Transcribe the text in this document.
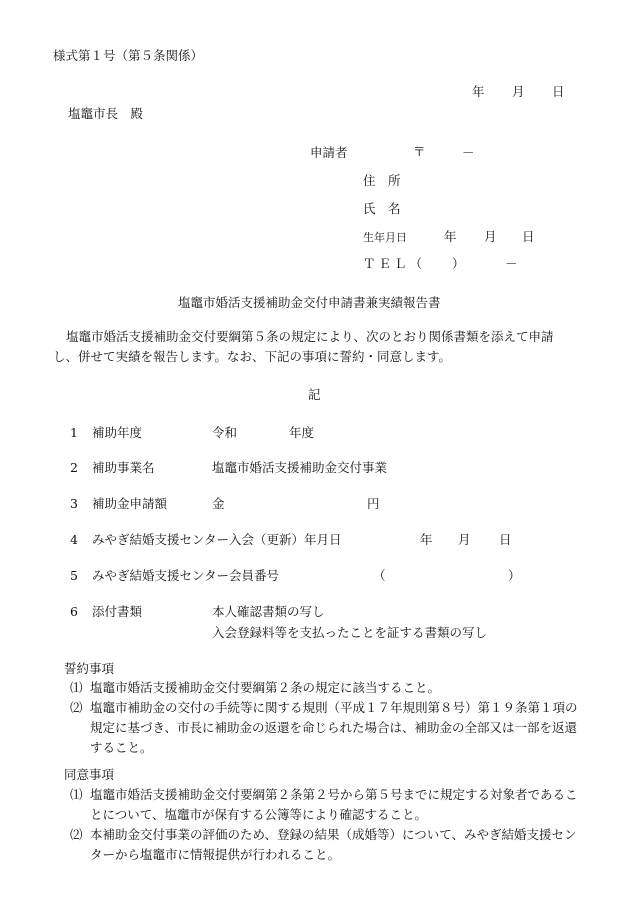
様式第１号（第５条関係）
年 月 日
塩竈市長　殿
申請者	〒	－
住　所
氏　名
生年月日	年 月 日
ＴＥＬ（ ）	－
塩竈市婚活支援補助金交付申請書兼実績報告書
塩竈市婚活支援補助金交付要綱第５条の規定により、次のとおり関係書類を添えて申請し、併せて実績を報告します。なお、下記の事項に誓約・同意します。
記
1 補助年度	令和	年度
2 補助事業名	塩竈市婚活支援補助金交付事業
3 補助金申請額	金	円
4 みやぎ結婚支援センター入会（更新）年月日	年 月 日
5 みやぎ結婚支援センター会員番号	（	）
6 添付書類	本人確認書類の写し
入会登録料等を支払ったことを証する書類の写し
誓約事項
⑴ 塩竈市婚活支援補助金交付要綱第２条の規定に該当すること。
⑵ 塩竈市補助金の交付の手続等に関する規則（平成１７年規則第８号）第１９条第１項の規定に基づき、市長に補助金の返還を命じられた場合は、補助金の全部又は一部を返還すること。
同意事項
⑴ 塩竈市婚活支援補助金交付要綱第２条第２号から第５号までに規定する対象者であることについて、塩竈市が保有する公簿等により確認すること。
⑵ 本補助金交付事業の評価のため、登録の結果（成婚等）について、みやぎ結婚支援センターから塩竈市に情報提供が行われること。
